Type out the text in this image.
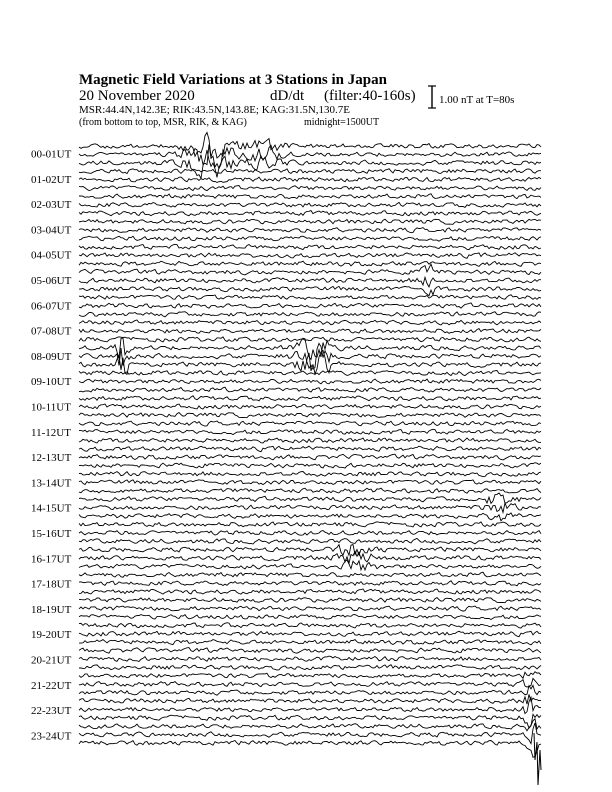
Magnetic Field Variations at 3 Stations in Japan
20 November 2020	dD/dt (filter:40-160s)
MSR:44.4N,142.3E; RIK:43.5N,143.8E; KAG:31.5N,130.7E
(from bottom to top, MSR, RIK, & KAG)	midnight=1500UT
1.00 nT at T=80s
00-01UT
01-02UT
02-03UT
03-04UT
04-05UT
05-06UT
06-07UT
07-08UT
08-09UT
09-10UT
10-11UT
11-12UT
12-13UT
13-14UT
14-15UT
15-16UT
16-17UT
17-18UT
18-19UT
19-20UT
20-21UT
21-22UT
22-23UT
23-24UT
